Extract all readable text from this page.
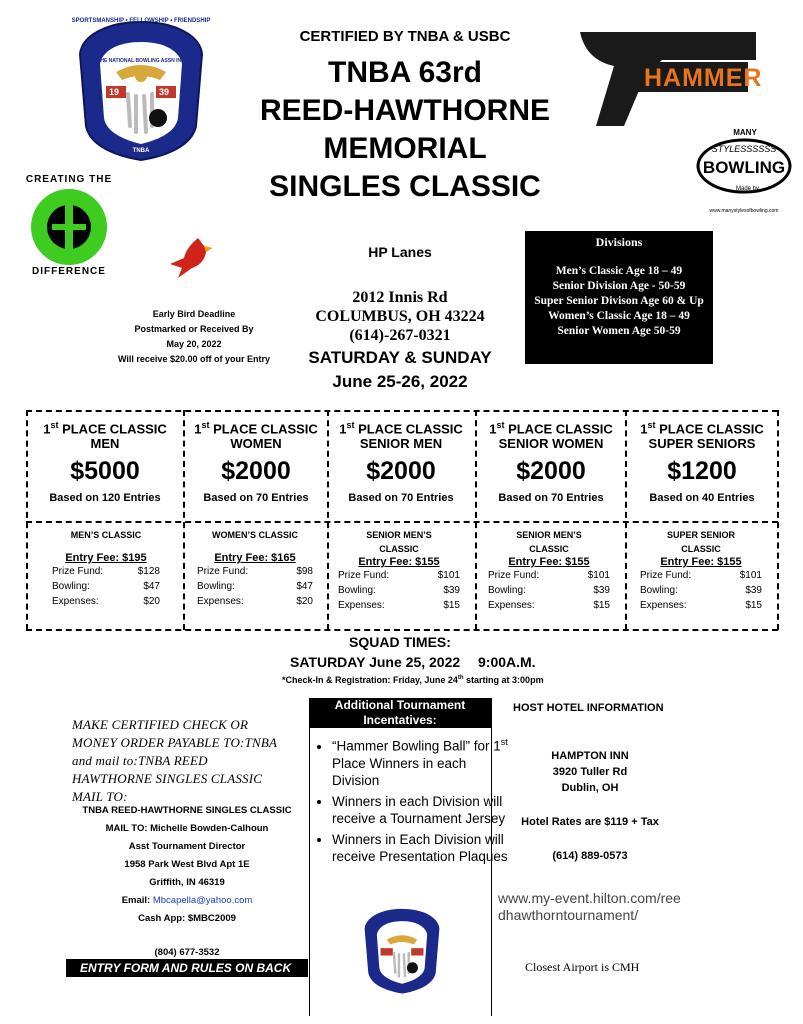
SPORTSMANSHIP • FELLOWSHIP • FRIENDSHIP
THE NATIONAL BOWLING ASSN INC
19	39
TNBA
CERTIFIED BY TNBA & USBC
TNBA 63rd
REED-HAWTHORNE
MEMORIAL
SINGLES CLASSIC
HAMMER
MANY
STYLESSSSSS
BOWLING
Made by
www.manystylesofbowling.com
CREATING THE
DIFFERENCE
HP Lanes
2012 Innis Rd
COLUMBUS, OH 43224
(614)-267-0321
SATURDAY & SUNDAY
June 25-26, 2022
Early Bird Deadline
Postmarked or Received By
May 20, 2022
Will receive $20.00 off of your Entry
Divisions
Men’s Classic Age 18 – 49
Senior Division Age - 50-59
Super Senior Divison Age 60 & Up
Women’s Classic Age 18 – 49
Senior Women Age 50-59
1st PLACE CLASSIC MEN
$5000
Based on 120 Entries
1st PLACE CLASSIC WOMEN
$2000
Based on 70 Entries
1st PLACE CLASSIC SENIOR MEN
$2000
Based on 70 Entries
1st PLACE CLASSIC SENIOR WOMEN
$2000
Based on 70 Entries
1st PLACE CLASSIC SUPER SENIORS
$1200
Based on 40 Entries
MEN’S CLASSIC
Entry Fee: $195
Prize Fund:	$128
Bowling:	$47
Expenses:	$20
WOMEN’S CLASSIC
Entry Fee: $165
Prize Fund:	$98
Bowling:	$47
Expenses:	$20
SENIOR MEN’S CLASSIC
Entry Fee: $155
Prize Fund:	$101
Bowling:	$39
Expenses:	$15
SENIOR MEN’S CLASSIC
Entry Fee: $155
Prize Fund:	$101
Bowling:	$39
Expenses:	$15
SUPER SENIOR CLASSIC
Entry Fee: $155
Prize Fund:	$101
Bowling:	$39
Expenses:	$15
SQUAD TIMES:
SATURDAY June 25, 2022 9:00A.M.
*Check-In & Registration: Friday, June 24th starting at 3:00pm
MAKE CERTIFIED CHECK OR
MONEY ORDER PAYABLE TO:TNBA
and mail to:TNBA REED
HAWTHORNE SINGLES CLASSIC
MAIL TO:
TNBA REED-HAWTHORNE SINGLES CLASSIC
MAIL TO: Michelle Bowden-Calhoun
Asst Tournament Director
1958 Park West Blvd Apt 1E
Griffith, IN 46319
Email: Mbcapella@yahoo.com
Cash App: $MBC2009
(804) 677-3532
ENTRY FORM AND RULES ON BACK
Additional Tournament
Incentatives:
• “Hammer Bowling Ball” for 1st Place Winners in each Division
• Winners in each Division will receive a Tournament Jersey
• Winners in Each Division will receive Presentation Plaques
HOST HOTEL INFORMATION
HAMPTON INN
3920 Tuller Rd
Dublin, OH
Hotel Rates are $119 + Tax
(614) 889-0573
www.my-event.hilton.com/reedhawthorntournament/
Closest Airport is CMH
